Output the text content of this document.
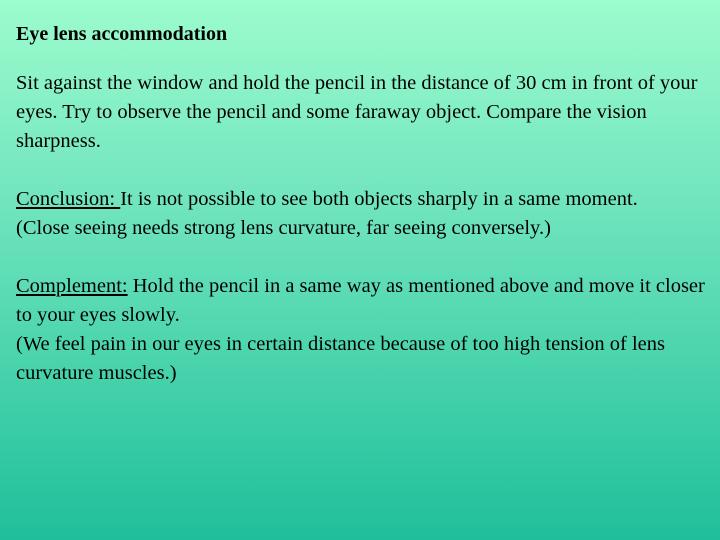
Eye lens accommodation

Sit against the window and hold the pencil in the distance of 30 cm in front of your eyes. Try to observe the pencil and some faraway object. Compare the vision sharpness.

Conclusion: It is not possible to see both objects sharply in a same moment.

(Close seeing needs strong lens curvature, far seeing conversely.)

Complement: Hold the pencil in a same way as mentioned above and move it closer to your eyes slowly.

(We feel pain in our eyes in certain distance because of too high tension of lens curvature muscles.)
